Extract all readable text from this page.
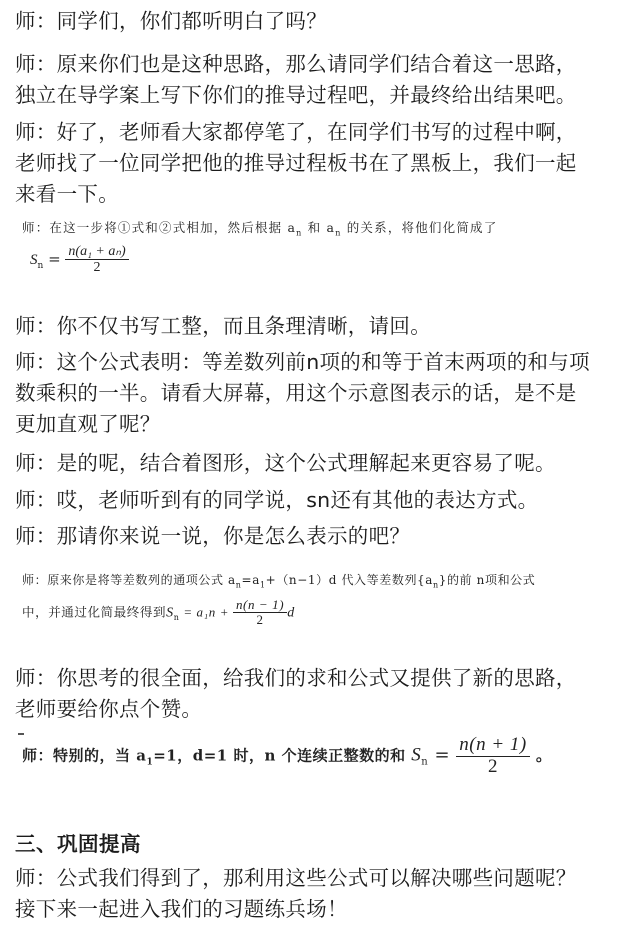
师：同学们，你们都听明白了吗？
师：原来你们也是这种思路，那么请同学们结合着这一思路，
独立在导学案上写下你们的推导过程吧，并最终给出结果吧。
师：好了，老师看大家都停笔了，在同学们书写的过程中啊，
老师找了一位同学把他的推导过程板书在了黑板上，我们一起
来看一下。
师：在这一步将①式和②式相加，然后根据 $a_n$ 和 $a_n$ 的关系，将他们化简成了
$S_n = \frac{\text{n(a₁ + aₙ)}}{2}$
师：你不仅书写工整，而且条理清晰，请回。
师：这个公式表明：等差数列前n项的和等于首末两项的和与项
数乘积的一半。请看大屏幕，用这个示意图表示的话，是不是
更加直观了呢？
师：是的呢，结合着图形，这个公式理解起来更容易了呢。
师：哎，老师听到有的同学说，sn还有其他的表达方式。
师：那请你来说一说，你是怎么表示的吧？
师：原来你是将等差数列的通项公式 $a_n=a_1+(n-1)d$ 代入等差数列$\{a_n\}$的前 n项和公式
中，并通过化简最终得到$S_n = a_1n + \frac{n(n - 1)}{2}$ d
师：你思考的很全面，给我们的求和公式又提供了新的思路，
老师要给你点个赞。
师：特别的，当 $a_1=1$，d=1 时，n 个连续正整数的和 $S_n = \frac{n(n + 1)}{2}$ 。
三、巩固提高
师：公式我们得到了，那利用这些公式可以解决哪些问题呢？
接下来一起进入我们的习题练兵场！
